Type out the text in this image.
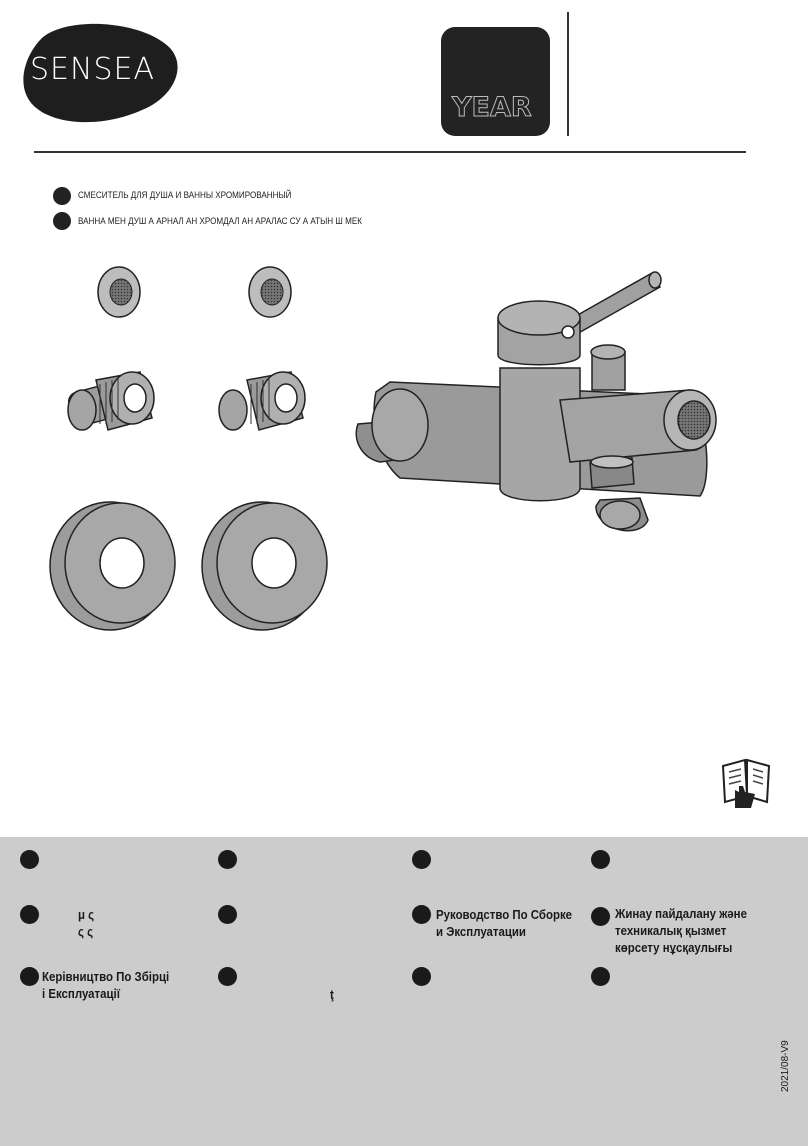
SENSEA
YEAR
СМЕСИТЕЛЬ ДЛЯ ДУША И ВАННЫ ХРОМИРОВАННЫЙ
ВАННА МЕН ДУШ А АРНАЛ АН ХРОМДАЛ АН АРАЛАС СУ А АТЫН Ш МЕК
μ ς
ς ς
Руководство По Сборке
и Эксплуатации
Жинау пайдалану және
техникалық қызмет
көрсету нұсқаулығы
Керівництво По Збірці
і Експлуатації	ţ
2021/08-V9
